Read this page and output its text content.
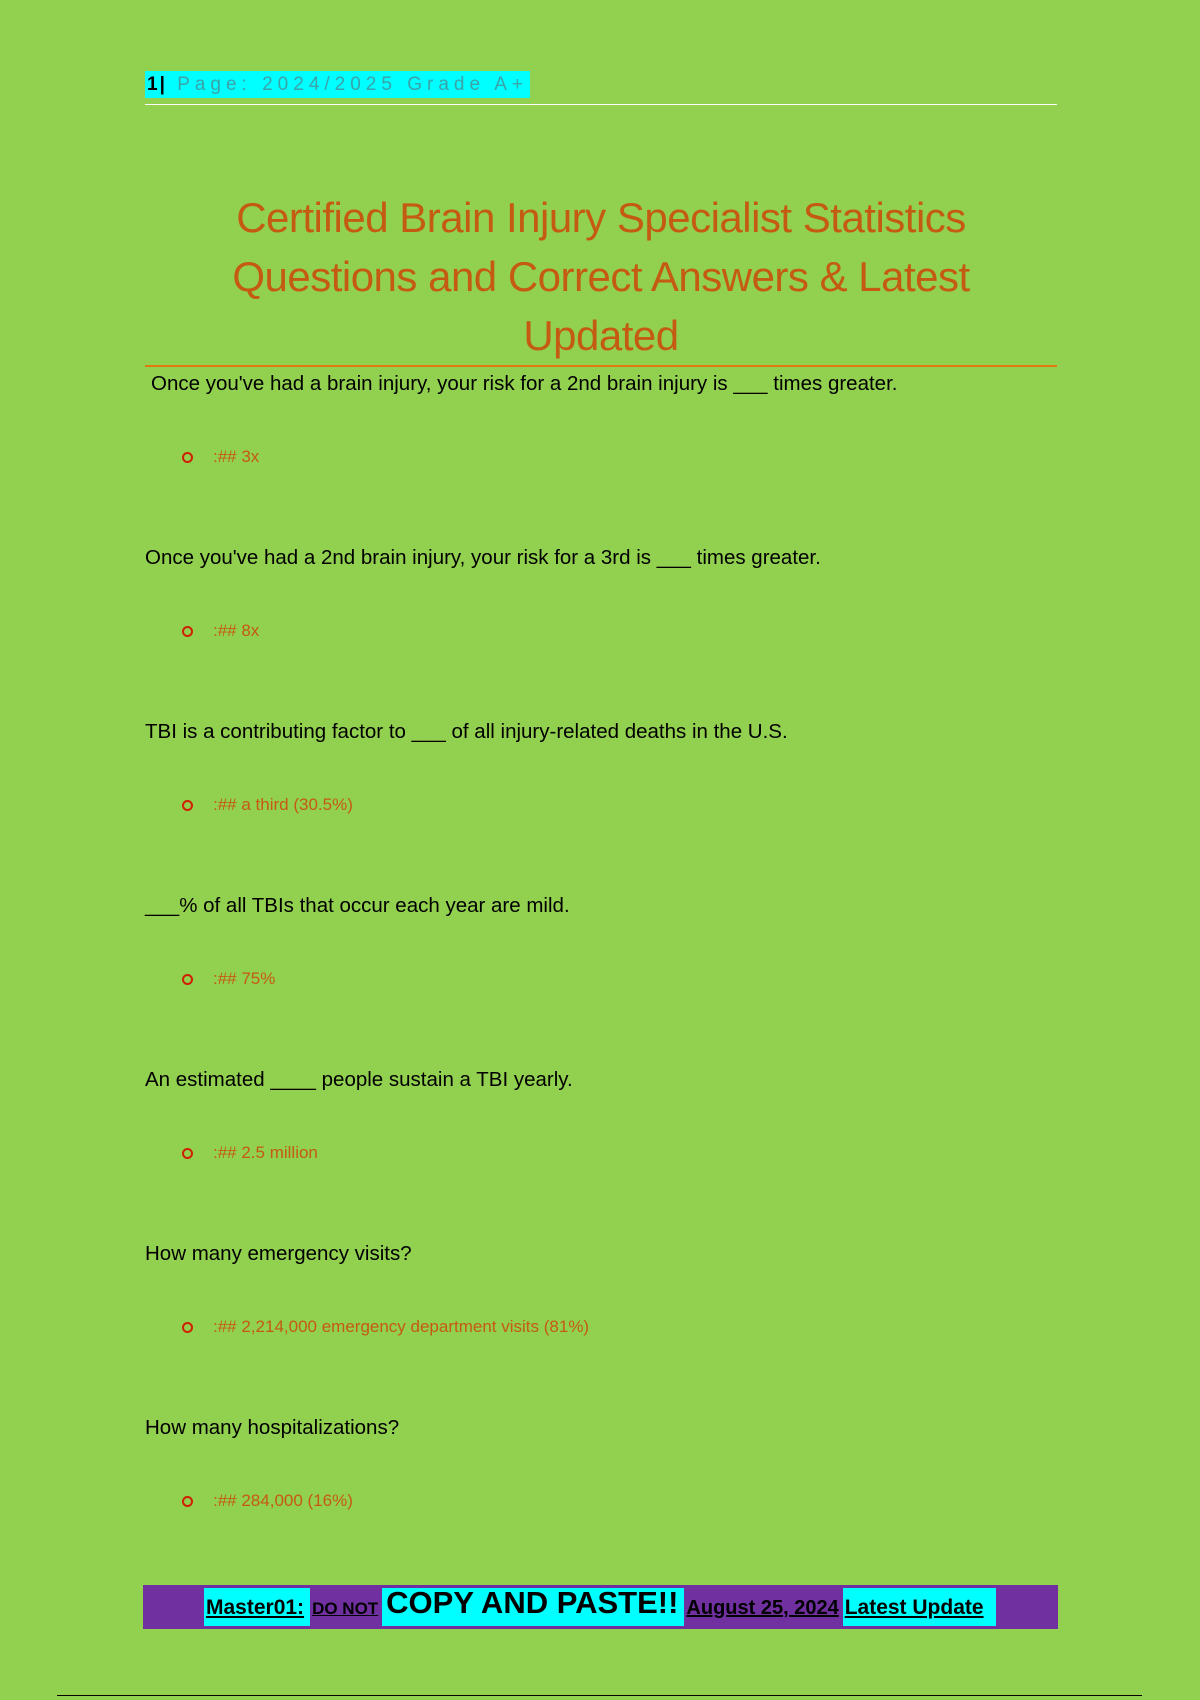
1| Page: 2024/2025 Grade A+
Certified Brain Injury Specialist Statistics
Questions and Correct Answers & Latest
Updated

Once you've had a brain injury, your risk for a 2nd brain injury is ___ times greater.

:## 3x

Once you've had a 2nd brain injury, your risk for a 3rd is ___ times greater.

:## 8x

TBI is a contributing factor to ___ of all injury-related deaths in the U.S.

:## a third (30.5%)

___% of all TBIs that occur each year are mild.

:## 75%

An estimated ____ people sustain a TBI yearly.

:## 2.5 million

How many emergency visits?

:## 2,214,000 emergency department visits (81%)

How many hospitalizations?

:## 284,000 (16%)
Master01: DO NOT COPY AND PASTE!! August 25, 2024 Latest Update
